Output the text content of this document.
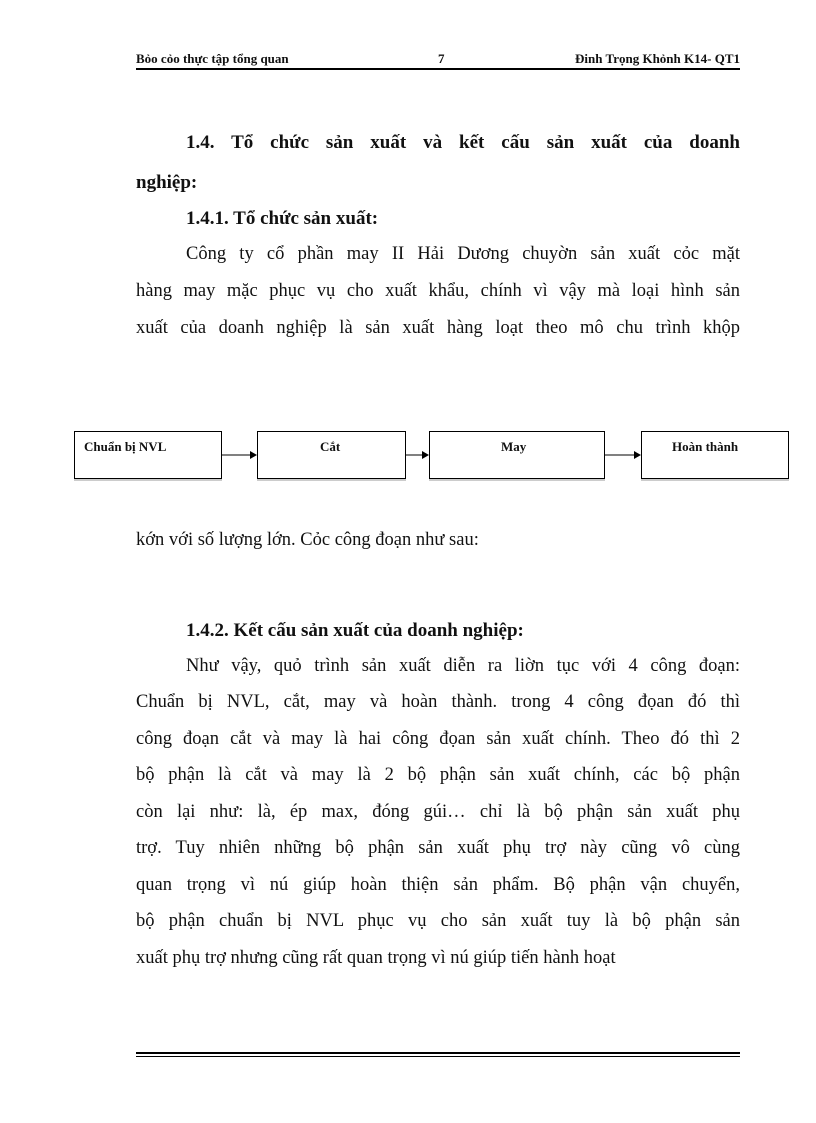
Bỏo cỏo thực tập tổng quan	7	Đinh Trọng Khỏnh K14- QT1
1.4. Tổ chức sản xuất và kết cấu sản xuất của doanh
nghiệp:
1.4.1. Tổ chức sản xuất:
Công ty cổ phần may II Hải Dương chuyờn sản xuất cỏc mặt
hàng may mặc phục vụ cho xuất khẩu, chính vì vậy mà loại hình sản
xuất của doanh nghiệp là sản xuất hàng loạt theo mô chu trình khộp
Chuẩn bị NVL	Cắt	May	Hoàn thành
kớn với số lượng lớn. Cỏc công đoạn như sau:
1.4.2. Kết cấu sản xuất của doanh nghiệp:
Như vậy, quỏ trình sản xuất diễn ra liờn tục với 4 công đoạn:
Chuẩn bị NVL, cắt, may và hoàn thành. trong 4 công đọan đó thì
công đoạn cắt và may là hai công đọan sản xuất chính. Theo đó thì 2
bộ phận là cắt và may là 2 bộ phận sản xuất chính, các bộ phận
còn lại như: là, ép max, đóng gúi… chỉ là bộ phận sản xuất phụ
trợ. Tuy nhiên những bộ phận sản xuất phụ trợ này cũng vô cùng
quan trọng vì nú giúp hoàn thiện sản phẩm. Bộ phận vận chuyển,
bộ phận chuẩn bị NVL phục vụ cho sản xuất tuy là bộ phận sản
xuất phụ trợ nhưng cũng rất quan trọng vì nú giúp tiến hành hoạt
